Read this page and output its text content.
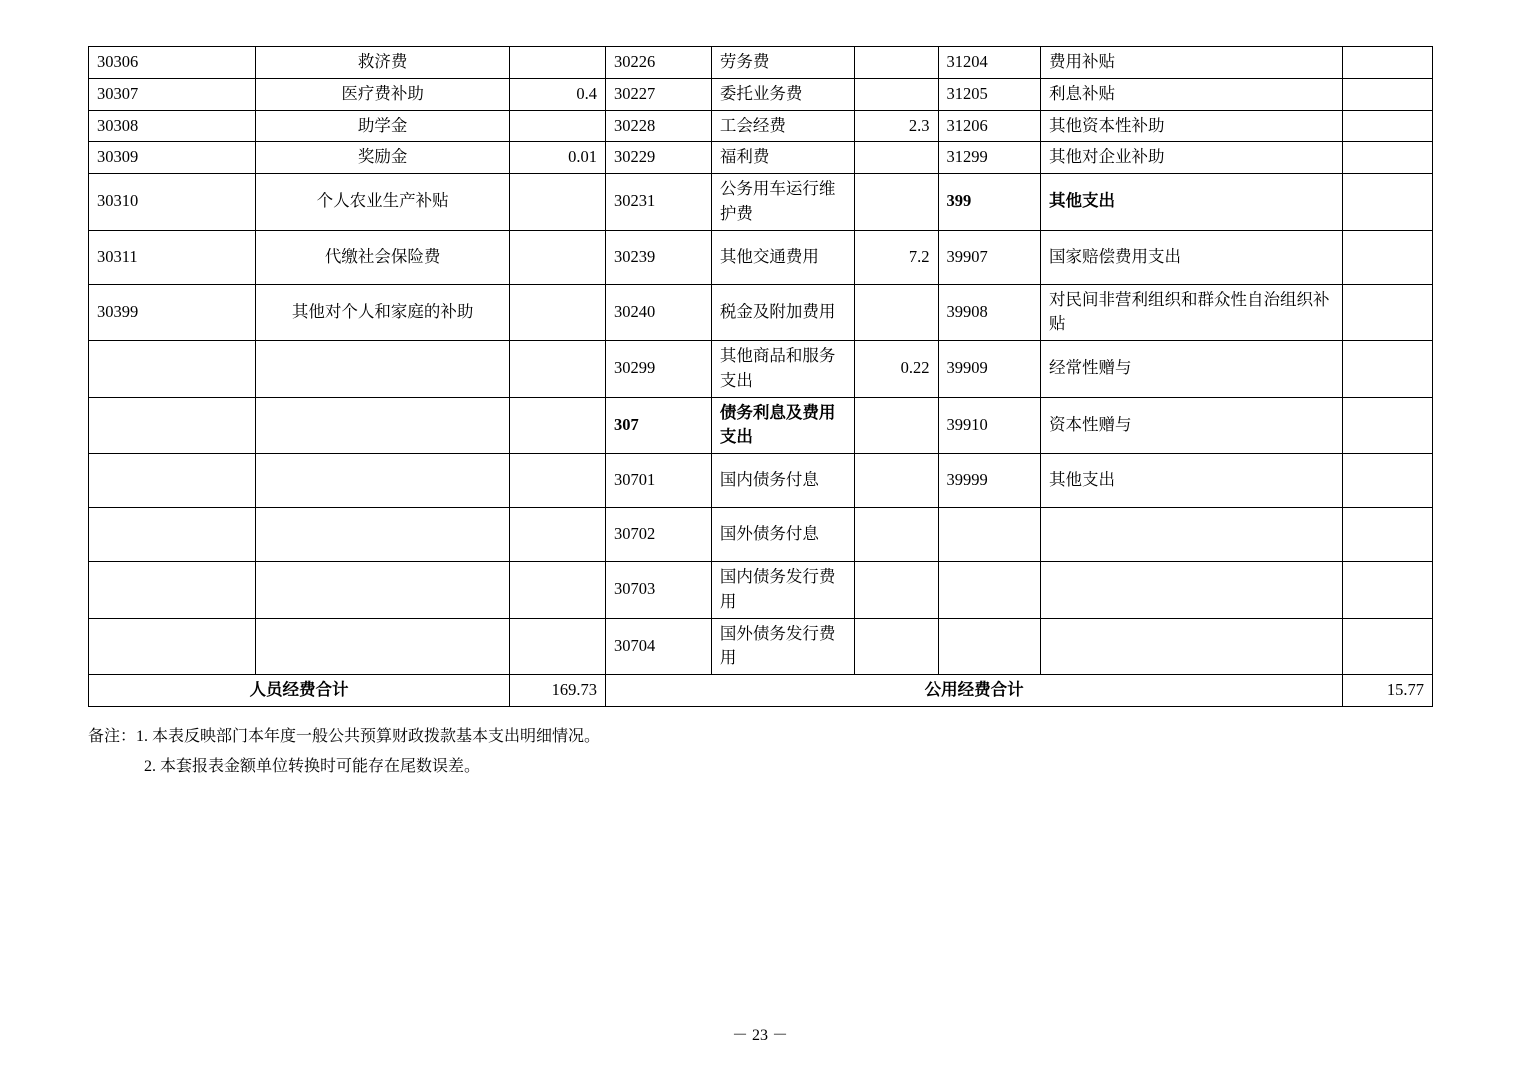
30306	救济费		30226	劳务费		31204	费用补贴	
30307	医疗费补助	0.4	30227	委托业务费		31205	利息补贴	
30308	助学金		30228	工会经费	2.3	31206	其他资本性补助	
30309	奖励金	0.01	30229	福利费		31299	其他对企业补助	
30310	个人农业生产补贴		30231	公务用车运行维护费		399	其他支出	
30311	代缴社会保险费		30239	其他交通费用	7.2	39907	国家赔偿费用支出	
30399	其他对个人和家庭的补助		30240	税金及附加费用		39908	对民间非营利组织和群众性自治组织补贴	
			30299	其他商品和服务支出	0.22	39909	经常性赠与	
			307	债务利息及费用支出		39910	资本性赠与	
			30701	国内债务付息		39999	其他支出	
			30702	国外债务付息				
			30703	国内债务发行费用				
			30704	国外债务发行费用				
人员经费合计		169.73	公用经费合计					15.77
备注：1. 本表反映部门本年度一般公共预算财政拨款基本支出明细情况。
2. 本套报表金额单位转换时可能存在尾数误差。
－ 23 －
